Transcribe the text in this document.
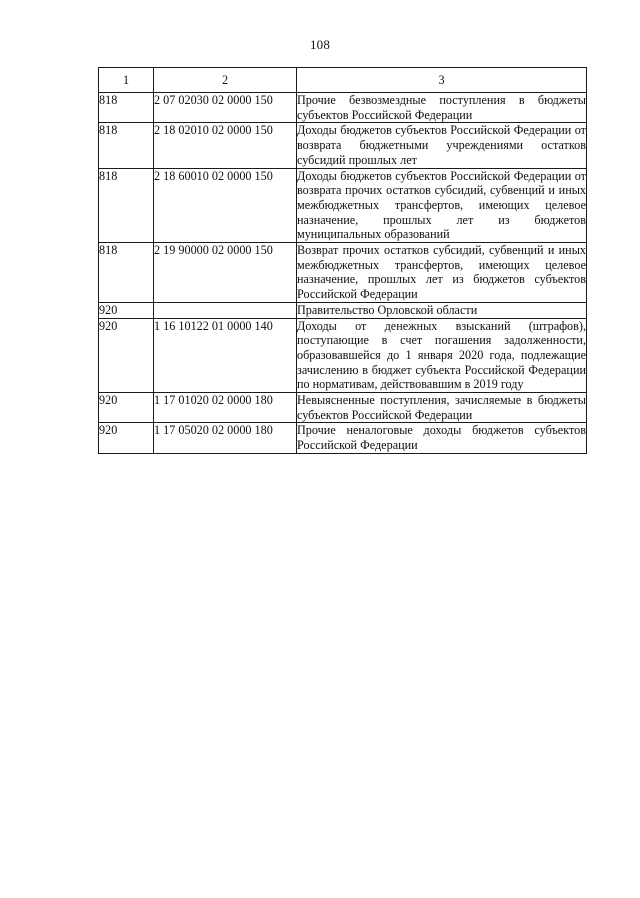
108
1	2	3
818	2 07 02030 02 0000 150	Прочие безвозмездные поступления в бюджеты субъектов Российской Федерации
818	2 18 02010 02 0000 150	Доходы бюджетов субъектов Российской Федерации от возврата бюджетными учреждениями остатков субсидий прошлых лет
818	2 18 60010 02 0000 150	Доходы бюджетов субъектов Российской Федерации от возврата прочих остатков субсидий, субвенций и иных межбюджетных трансфертов, имеющих целевое назначение, прошлых лет из бюджетов муниципальных образований
818	2 19 90000 02 0000 150	Возврат прочих остатков субсидий, субвенций и иных межбюджетных трансфертов, имеющих целевое назначение, прошлых лет из бюджетов субъектов Российской Федерации
920		Правительство Орловской области
920	1 16 10122 01 0000 140	Доходы от денежных взысканий (штрафов), поступающие в счет погашения задолженности, образовавшейся до 1 января 2020 года, подлежащие зачислению в бюджет субъекта Российской Федерации по нормативам, действовавшим в 2019 году
920	1 17 01020 02 0000 180	Невыясненные поступления, зачисляемые в бюджеты субъектов Российской Федерации
920	1 17 05020 02 0000 180	Прочие неналоговые доходы бюджетов субъектов Российской Федерации
